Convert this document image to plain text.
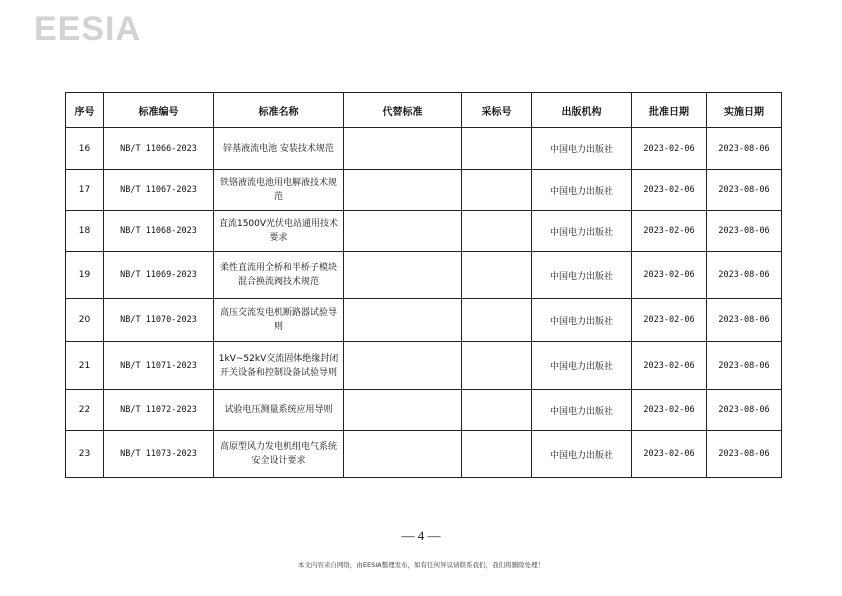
EESIA
序号	标准编号	标准名称	代替标准	采标号	出版机构	批准日期	实施日期
16	NB/T 11066-2023	锌基液流电池 安装技术规范			中国电力出版社	2023-02-06	2023-08-06
17	NB/T 11067-2023	铁铬液流电池用电解液技术规范			中国电力出版社	2023-02-06	2023-08-06
18	NB/T 11068-2023	直流1500V光伏电站通用技术要求			中国电力出版社	2023-02-06	2023-08-06
19	NB/T 11069-2023	柔性直流用全桥和半桥子模块混合换流阀技术规范			中国电力出版社	2023-02-06	2023-08-06
20	NB/T 11070-2023	高压交流发电机断路器试验导则			中国电力出版社	2023-02-06	2023-08-06
21	NB/T 11071-2023	1kV~52kV交流固体绝缘封闭开关设备和控制设备试验导则			中国电力出版社	2023-02-06	2023-08-06
22	NB/T 11072-2023	试验电压测量系统应用导则			中国电力出版社	2023-02-06	2023-08-06
23	NB/T 11073-2023	高原型风力发电机组电气系统安全设计要求			中国电力出版社	2023-02-06	2023-08-06
— 4 —
本文内容来自网络，由EESIA整理发布，如有任何异议请联系我们，我们将删除处理！
